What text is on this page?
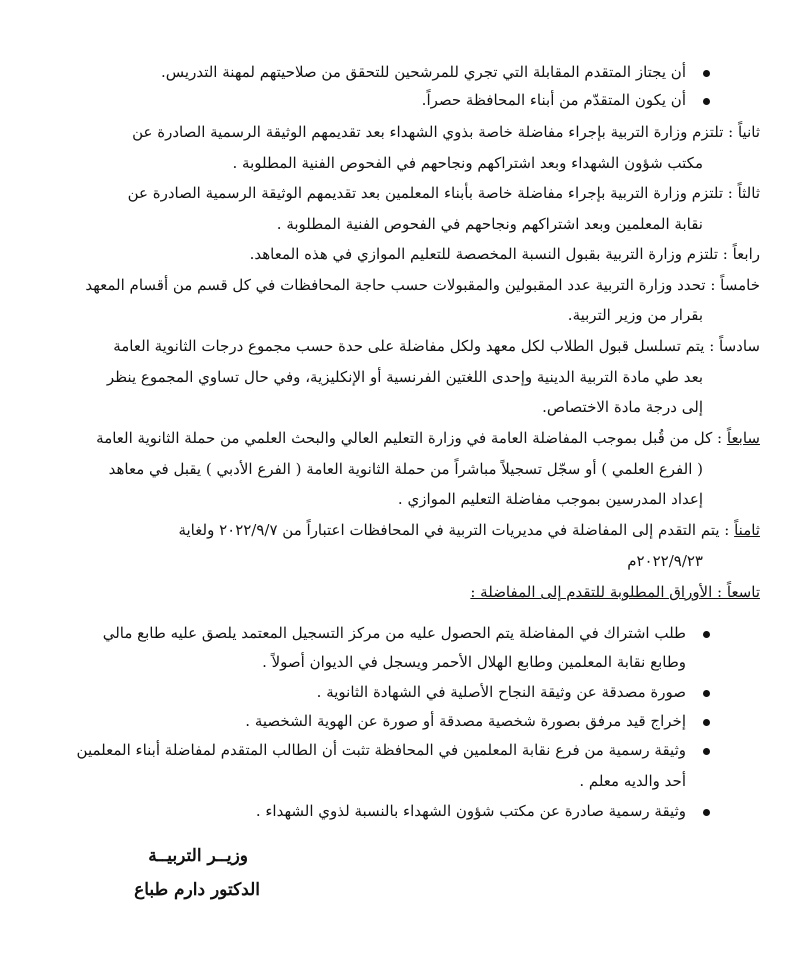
أن يجتاز المتقدم المقابلة التي تجري للمرشحين للتحقق من صلاحيتهم لمهنة التدريس.
أن يكون المتقدّم من أبناء المحافظة حصراً.
ثانياً : تلتزم وزارة التربية بإجراء مفاضلة خاصة بذوي الشهداء بعد تقديمهم الوثيقة الرسمية الصادرة عن
مكتب شؤون الشهداء وبعد اشتراكهم ونجاحهم في الفحوص الفنية المطلوبة .
ثالثاً : تلتزم وزارة التربية بإجراء مفاضلة خاصة بأبناء المعلمين بعد تقديمهم الوثيقة الرسمية الصادرة عن
نقابة المعلمين وبعد اشتراكهم ونجاحهم في الفحوص الفنية المطلوبة .
رابعاً : تلتزم وزارة التربية بقبول النسبة المخصصة للتعليم الموازي في هذه المعاهد.
خامساً : تحدد وزارة التربية عدد المقبولين والمقبولات حسب حاجة المحافظات في كل قسم من أقسام المعهد
بقرار من وزير التربية.
سادساً : يتم تسلسل قبول الطلاب لكل معهد ولكل مفاضلة على حدة حسب مجموع درجات الثانوية العامة
بعد طي مادة التربية الدينية وإحدى اللغتين الفرنسية أو الإنكليزية، وفي حال تساوي المجموع ينظر
إلى درجة مادة الاختصاص.
سابعاً : كل من قُبل بموجب المفاضلة العامة في وزارة التعليم العالي والبحث العلمي من حملة الثانوية العامة
( الفرع العلمي ) أو سجّل تسجيلاً مباشراً من حملة الثانوية العامة ( الفرع الأدبي ) يقبل في معاهد
إعداد المدرسين بموجب مفاضلة التعليم الموازي .
ثامناً : يتم التقدم إلى المفاضلة في مديريات التربية في المحافظات اعتباراً من ٢٠٢٢/٩/٧ ولغاية
٢٠٢٢/٩/٢٣م
تاسعاً : الأوراق المطلوبة للتقدم إلى المفاضلة :
طلب اشتراك في المفاضلة يتم الحصول عليه من مركز التسجيل المعتمد يلصق عليه طابع مالي
وطابع نقابة المعلمين وطابع الهلال الأحمر ويسجل في الديوان أصولاً .
صورة مصدقة عن وثيقة النجاح الأصلية في الشهادة الثانوية .
إخراج قيد مرفق بصورة شخصية مصدقة أو صورة عن الهوية الشخصية .
وثيقة رسمية من فرع نقابة المعلمين في المحافظة تثبت أن الطالب المتقدم لمفاضلة أبناء المعلمين
أحد والديه معلم .
وثيقة رسمية صادرة عن مكتب شؤون الشهداء بالنسبة لذوي الشهداء .
وزيــر التربيــة
الدكتور دارم طباع
